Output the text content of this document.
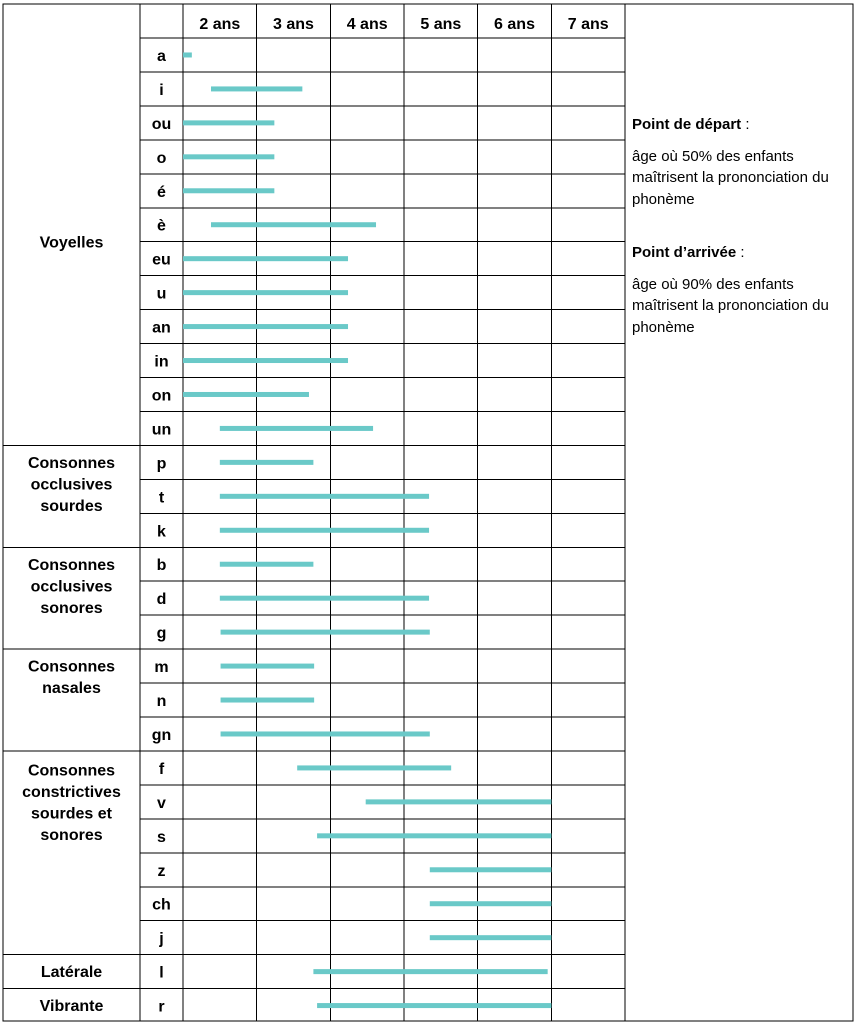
2 ans 3 ans 4 ans 5 ans 6 ans 7 ans
a
i
ou
o
é
è
eu
u
an
in
on
un
Voyelles
p
t
k
Consonnes occlusives sourdes
b
d
g
Consonnes occlusives sonores
m
n
gn
Consonnes nasales
f
v
s
z
ch
j
Consonnes constrictives sourdes et sonores
l
Latérale
r
Vibrante
Point de départ :
âge où 50% des enfants maîtrisent la prononciation du phonème
Point d’arrivée :
âge où 90% des enfants maîtrisent la prononciation du phonème
